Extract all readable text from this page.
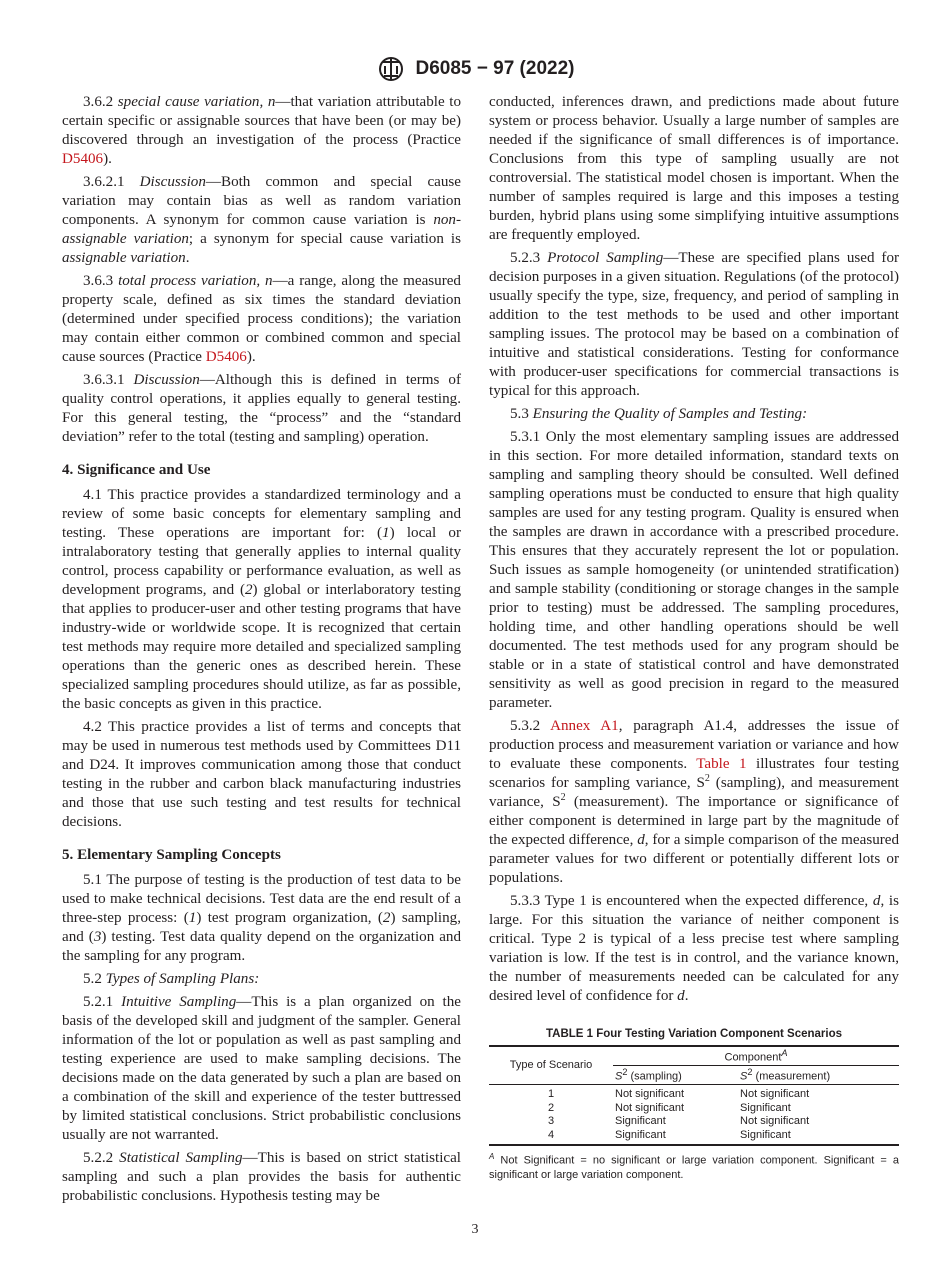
D6085 − 97 (2022)

3.6.2 special cause variation, n—that variation attributable to certain specific or assignable sources that have been (or may be) discovered through an investigation of the process (Practice D5406).

3.6.2.1 Discussion—Both common and special cause variation may contain bias as well as random variation components. A synonym for common cause variation is non-assignable variation; a synonym for special cause variation is assignable variation.

3.6.3 total process variation, n—a range, along the measured property scale, defined as six times the standard deviation (determined under specified process conditions); the variation may contain either common or combined common and special cause sources (Practice D5406).

3.6.3.1 Discussion—Although this is defined in terms of quality control operations, it applies equally to general testing. For this general testing, the “process” and the “standard deviation” refer to the total (testing and sampling) operation.

4. Significance and Use

4.1 This practice provides a standardized terminology and a review of some basic concepts for elementary sampling and testing. These operations are important for: (1) local or intralaboratory testing that generally applies to internal quality control, process capability or performance evaluation, as well as development programs, and (2) global or interlaboratory testing that applies to producer-user and other testing programs that have industry-wide or worldwide scope. It is recognized that certain test methods may require more detailed and specialized sampling operations than the generic ones as described herein. These specialized sampling procedures should utilize, as far as possible, the basic concepts as given in this practice.

4.2 This practice provides a list of terms and concepts that may be used in numerous test methods used by Committees D11 and D24. It improves communication among those that conduct testing in the rubber and carbon black manufacturing industries and those that use such testing and test results for technical decisions.

5. Elementary Sampling Concepts

5.1 The purpose of testing is the production of test data to be used to make technical decisions. Test data are the end result of a three-step process: (1) test program organization, (2) sampling, and (3) testing. Test data quality depend on the organization and the sampling for any program.

5.2 Types of Sampling Plans:

5.2.1 Intuitive Sampling—This is a plan organized on the basis of the developed skill and judgment of the sampler. General information of the lot or population as well as past sampling and testing experience are used to make sampling decisions. The decisions made on the data generated by such a plan are based on a combination of the skill and experience of the tester buttressed by limited statistical conclusions. Strict probabilistic conclusions usually are not warranted.

5.2.2 Statistical Sampling—This is based on strict statistical sampling and such a plan provides the basis for authentic probabilistic conclusions. Hypothesis testing may be

conducted, inferences drawn, and predictions made about future system or process behavior. Usually a large number of samples are needed if the significance of small differences is of importance. Conclusions from this type of sampling usually are not controversial. The statistical model chosen is important. When the number of samples required is large and this imposes a testing burden, hybrid plans using some simplifying intuitive assumptions are frequently employed.

5.2.3 Protocol Sampling—These are specified plans used for decision purposes in a given situation. Regulations (of the protocol) usually specify the type, size, frequency, and period of sampling in addition to the test methods to be used and other important sampling issues. The protocol may be based on a combination of intuitive and statistical considerations. Testing for conformance with producer-user specifications for commercial transactions is typical for this approach.

5.3 Ensuring the Quality of Samples and Testing:

5.3.1 Only the most elementary sampling issues are addressed in this section. For more detailed information, standard texts on sampling and sampling theory should be consulted. Well defined sampling operations must be conducted to ensure that high quality samples are used for any testing program. Quality is ensured when the samples are drawn in accordance with a prescribed procedure. This ensures that they accurately represent the lot or population. Such issues as sample homogeneity (or unintended stratification) and sample stability (conditioning or storage changes in the sample prior to testing) must be addressed. The sampling procedures, holding time, and other handling operations should be well documented. The test methods used for any program should be stable or in a state of statistical control and have demonstrated sensitivity as well as good precision in regard to the measured parameter.

5.3.2 Annex A1, paragraph A1.4, addresses the issue of production process and measurement variation or variance and how to evaluate these components. Table 1 illustrates four testing scenarios for sampling variance, $S^2$ (sampling), and measurement variance, $S^2$ (measurement). The importance or significance of either component is determined in large part by the magnitude of the expected difference, d, for a simple comparison of the measured parameter values for two different or potentially different lots or populations.

5.3.3 Type 1 is encountered when the expected difference, d, is large. For this situation the variance of neither component is critical. Type 2 is typical of a less precise test where sampling variation is low. If the test is in control, and the variance known, the number of measurements needed can be calculated for any desired level of confidence for d.

TABLE 1 Four Testing Variation Component Scenarios
Type of Scenario	Component$^A$
	$S^2$ (sampling)	$S^2$ (measurement)
1	Not significant	Not significant
2	Not significant	Significant
3	Significant	Not significant
4	Significant	Significant
$^A$ Not Significant = no significant or large variation component. Significant = a significant or large variation component.
3
